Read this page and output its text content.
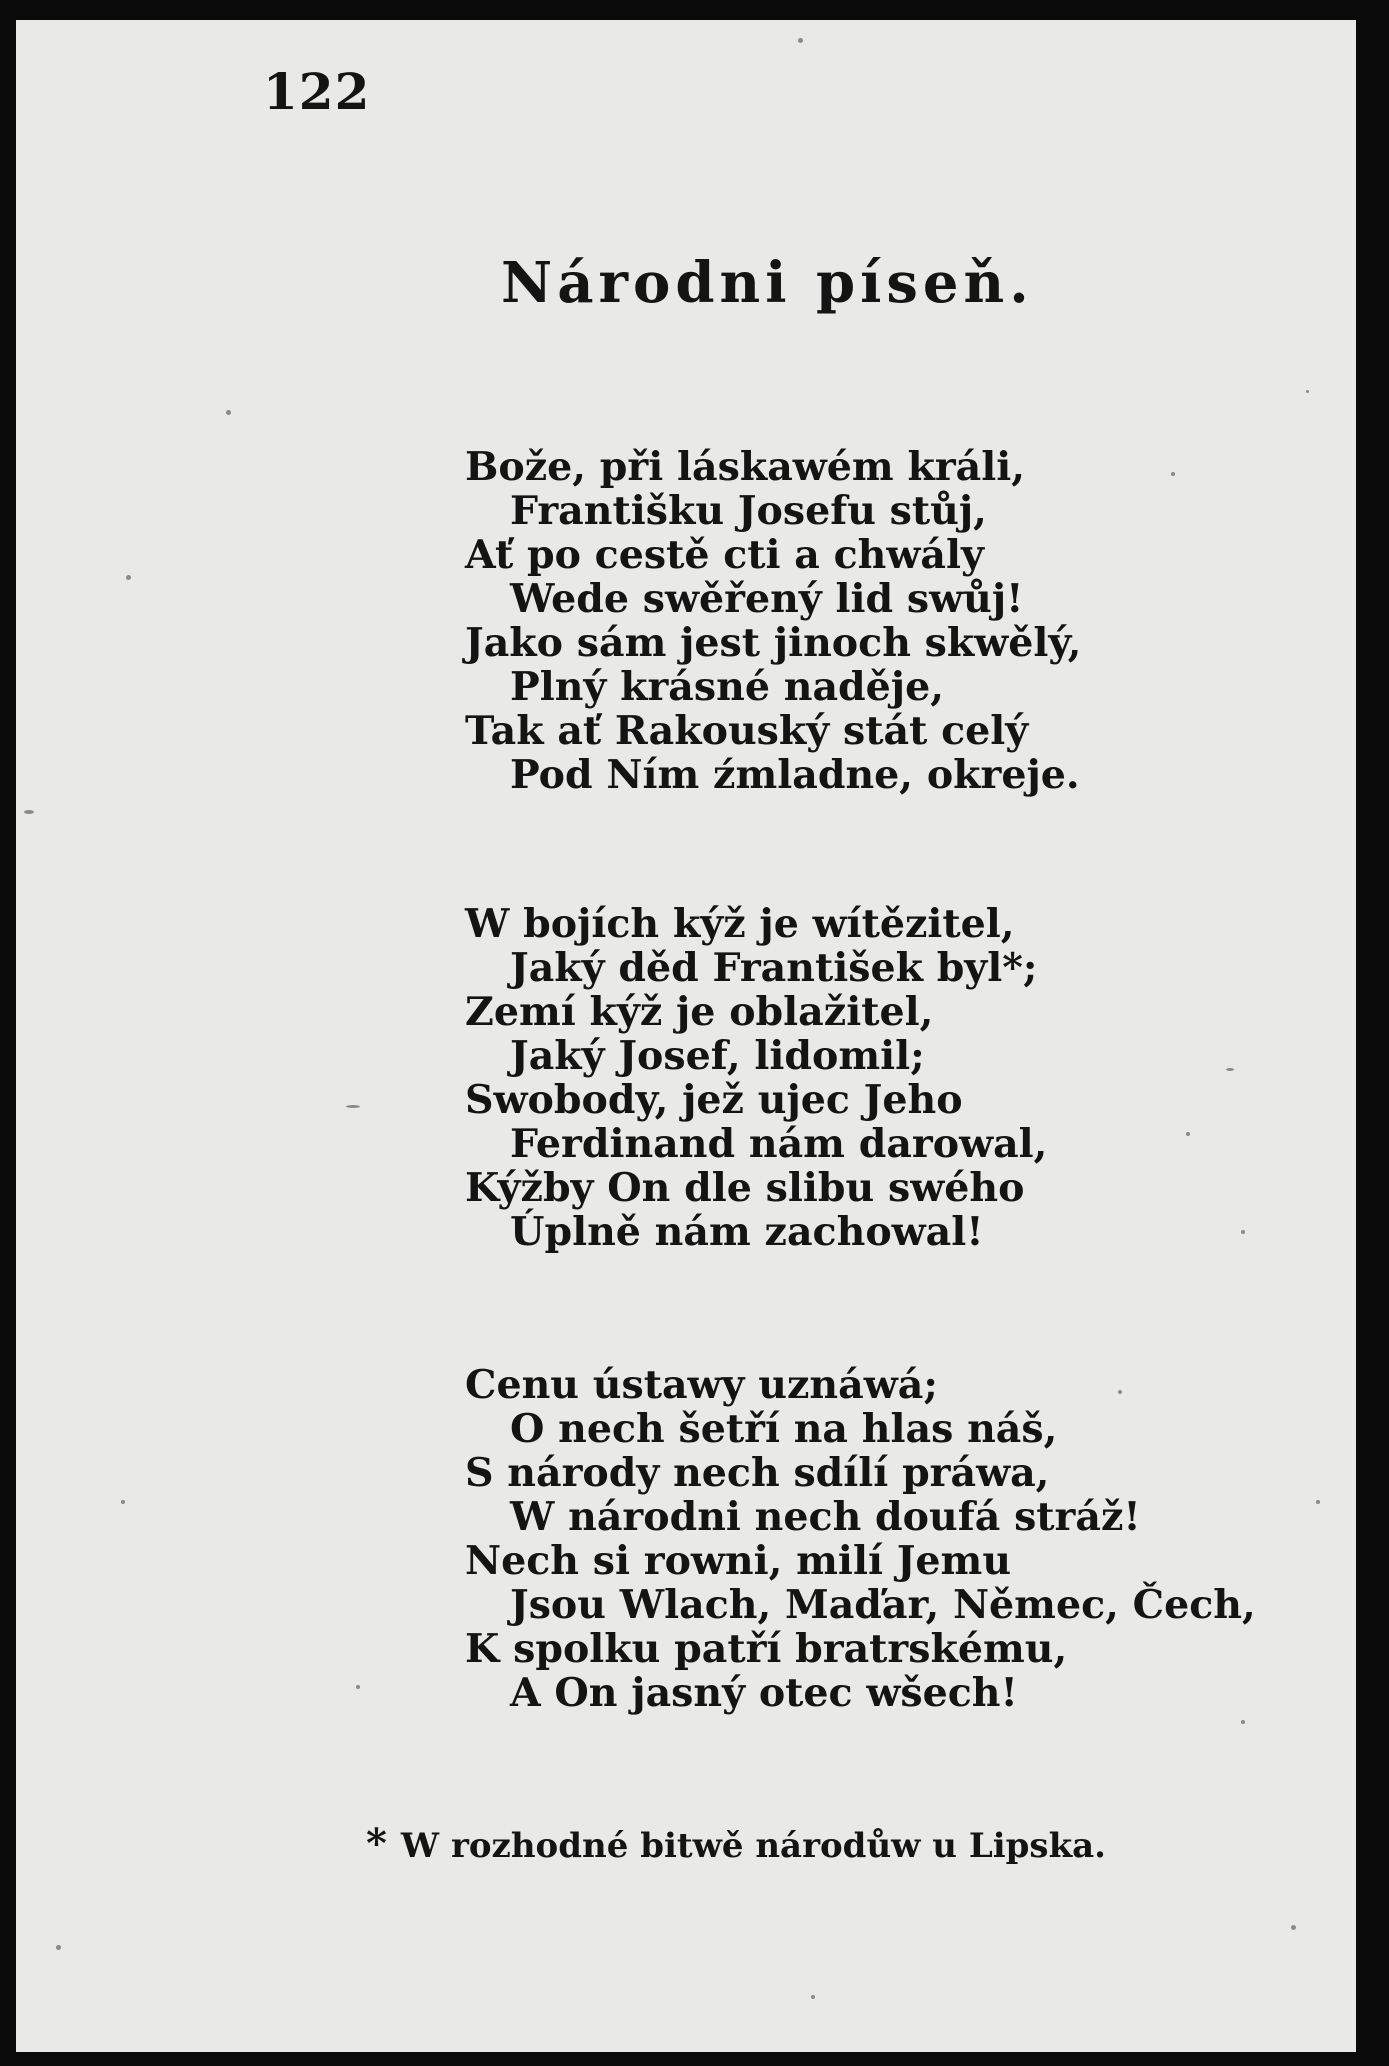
122

Národni píseň.

Bože, při láskawém králi,

Františku Josefu stůj,

Ať po cestě cti a chwály

Wede swěřený lid swůj!

Jako sám jest jinoch skwělý,

Plný krásné naděje,

Tak ať Rakouský stát celý

Pod Ním źmladne, okreje.

W bojích kýž je wítězitel,

Jaký děd František byl*;

Zemí kýž je oblažitel,

Jaký Josef, lidomil;

Swobody, jež ujec Jeho

Ferdinand nám darowal,

Kýžby On dle slibu swého

Úplně nám zachowal!

Cenu ústawy uznáwá;

O nech šetří na hlas náš,

S národy nech sdílí práwa,

W národni nech doufá stráž!

Nech si rowni, milí Jemu

Jsou Wlach, Maďar, Němec, Čech,

K spolku patří bratrskému,

A On jasný otec wšech!

* W rozhodné bitwě národůw u Lipska.
